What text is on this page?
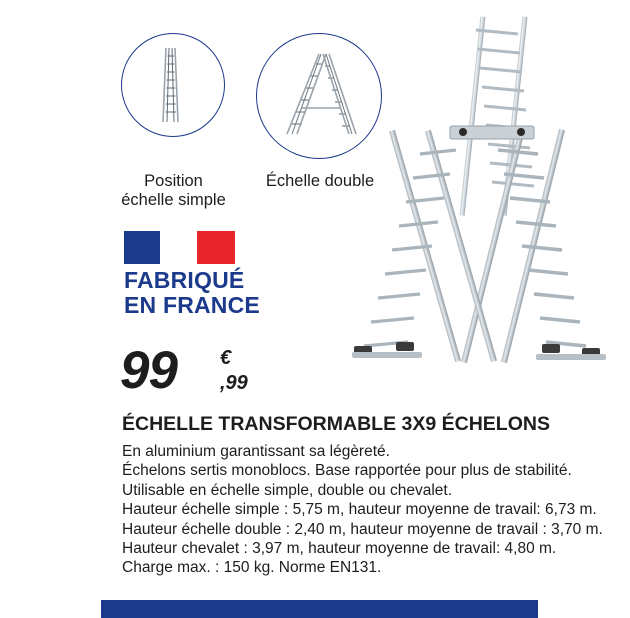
Position
échelle simple
Échelle double
FABRIQUÉ
EN FRANCE
99 €
,99
ÉCHELLE TRANSFORMABLE 3X9 ÉCHELONS
En aluminium garantissant sa légèreté.
Échelons sertis monoblocs. Base rapportée pour plus de stabilité.
Utilisable en échelle simple, double ou chevalet.
Hauteur échelle simple : 5,75 m, hauteur moyenne de travail: 6,73 m.
Hauteur échelle double : 2,40 m, hauteur moyenne de travail : 3,70 m.
Hauteur chevalet : 3,97 m, hauteur moyenne de travail: 4,80 m.
Charge max. : 150 kg. Norme EN131.
